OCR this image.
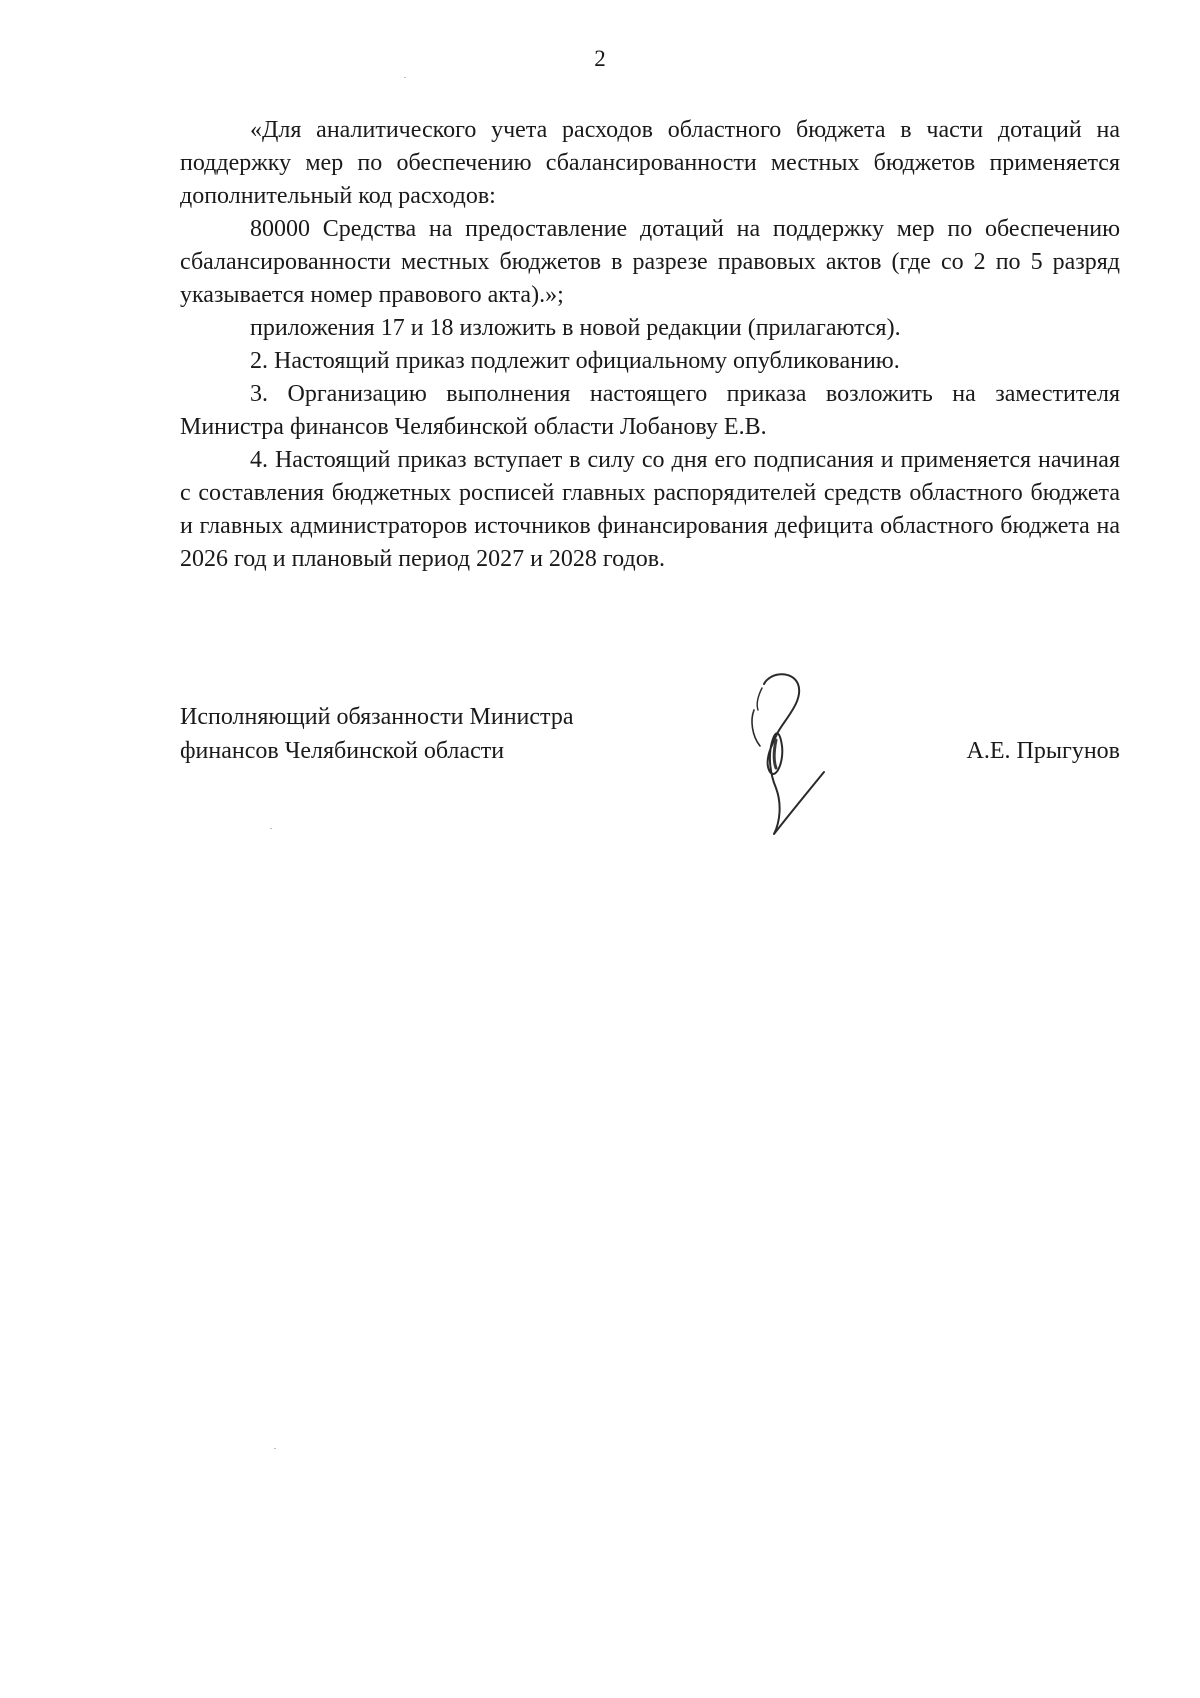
2

«Для аналитического учета расходов областного бюджета в части дотаций на поддержку мер по обеспечению сбалансированности местных бюджетов применяется дополнительный код расходов:

80000 Средства на предоставление дотаций на поддержку мер по обеспечению сбалансированности местных бюджетов в разрезе правовых актов (где со 2 по 5 разряд указывается номер правового акта).»;

приложения 17 и 18 изложить в новой редакции (прилагаются).

2. Настоящий приказ подлежит официальному опубликованию.

3. Организацию выполнения настоящего приказа возложить на заместителя Министра финансов Челябинской области Лобанову Е.В.

4. Настоящий приказ вступает в силу со дня его подписания и применяется начиная с составления бюджетных росписей главных распорядителей средств областного бюджета и главных администраторов источников финансирования дефицита областного бюджета на 2026 год и плановый период 2027 и 2028 годов.

Исполняющий обязанности Министра
финансов Челябинской области	А.Е. Прыгунов
